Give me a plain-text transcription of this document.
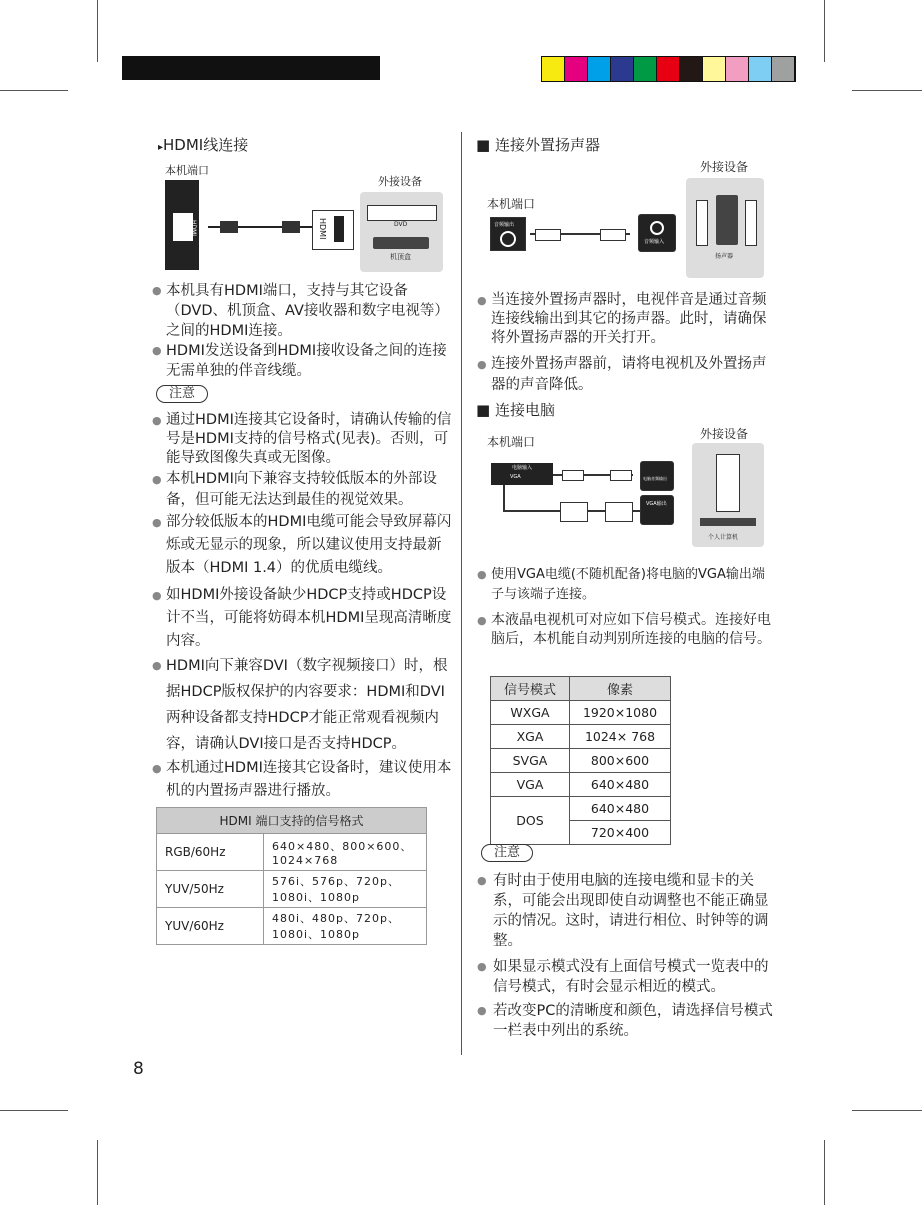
▸HDMI线连接
本机端口
HDMI	HDMI
外接设备
DVD
机顶盒

● 本机具有HDMI端口，支持与其它设备（DVD、机顶盒、AV接收器和数字电视等）之间的HDMI连接。

● HDMI发送设备到HDMI接收设备之间的连接无需单独的伴音线缆。

注意

● 通过HDMI连接其它设备时，请确认传输的信号是HDMI支持的信号格式(见表)。否则，可能导致图像失真或无图像。

● 本机HDMI向下兼容支持较低版本的外部设备，但可能无法达到最佳的视觉效果。

● 部分较低版本的HDMI电缆可能会导致屏幕闪烁或无显示的现象，所以建议使用支持最新版本（HDMI 1.4）的优质电缆线。

● 如HDMI外接设备缺少HDCP支持或HDCP设计不当，可能将妨碍本机HDMI呈现高清晰度内容。

● HDMI向下兼容DVI（数字视频接口）时，根据HDCP版权保护的内容要求：HDMI和DVI两种设备都支持HDCP才能正常观看视频内容，请确认DVI接口是否支持HDCP。

● 本机通过HDMI连接其它设备时，建议使用本机的内置扬声器进行播放。

HDMI 端口支持的信号格式	
RGB/60Hz	640×480、800×600、1024×768
YUV/50Hz	576i、576p、720p、1080i、1080p
YUV/60Hz	480i、480p、720p、1080i、1080p
8
■ 连接外置扬声器
外接设备
本机端口
音频输出
音频输入
扬声器

● 当连接外置扬声器时，电视伴音是通过音频连接线输出到其它的扬声器。此时，请确保将外置扬声器的开关打开。

● 连接外置扬声器前，请将电视机及外置扬声器的声音降低。

■ 连接电脑
外接设备
本机端口
电脑输入
VGA	电脑音频输出
VGA输出
个人计算机

● 使用VGA电缆(不随机配备)将电脑的VGA输出端子与该端子连接。

● 本液晶电视机可对应如下信号模式。连接好电脑后，本机能自动判别所连接的电脑的信号。

信号模式	像素
WXGA	1920×1080
XGA	1024× 768
SVGA	800×600
VGA	640×480
DOS	640×480
	720×400
注意

● 有时由于使用电脑的连接电缆和显卡的关系，可能会出现即使自动调整也不能正确显示的情况。这时，请进行相位、时钟等的调整。

● 如果显示模式没有上面信号模式一览表中的信号模式，有时会显示相近的模式。

● 若改变PC的清晰度和颜色，请选择信号模式一栏表中列出的系统。
